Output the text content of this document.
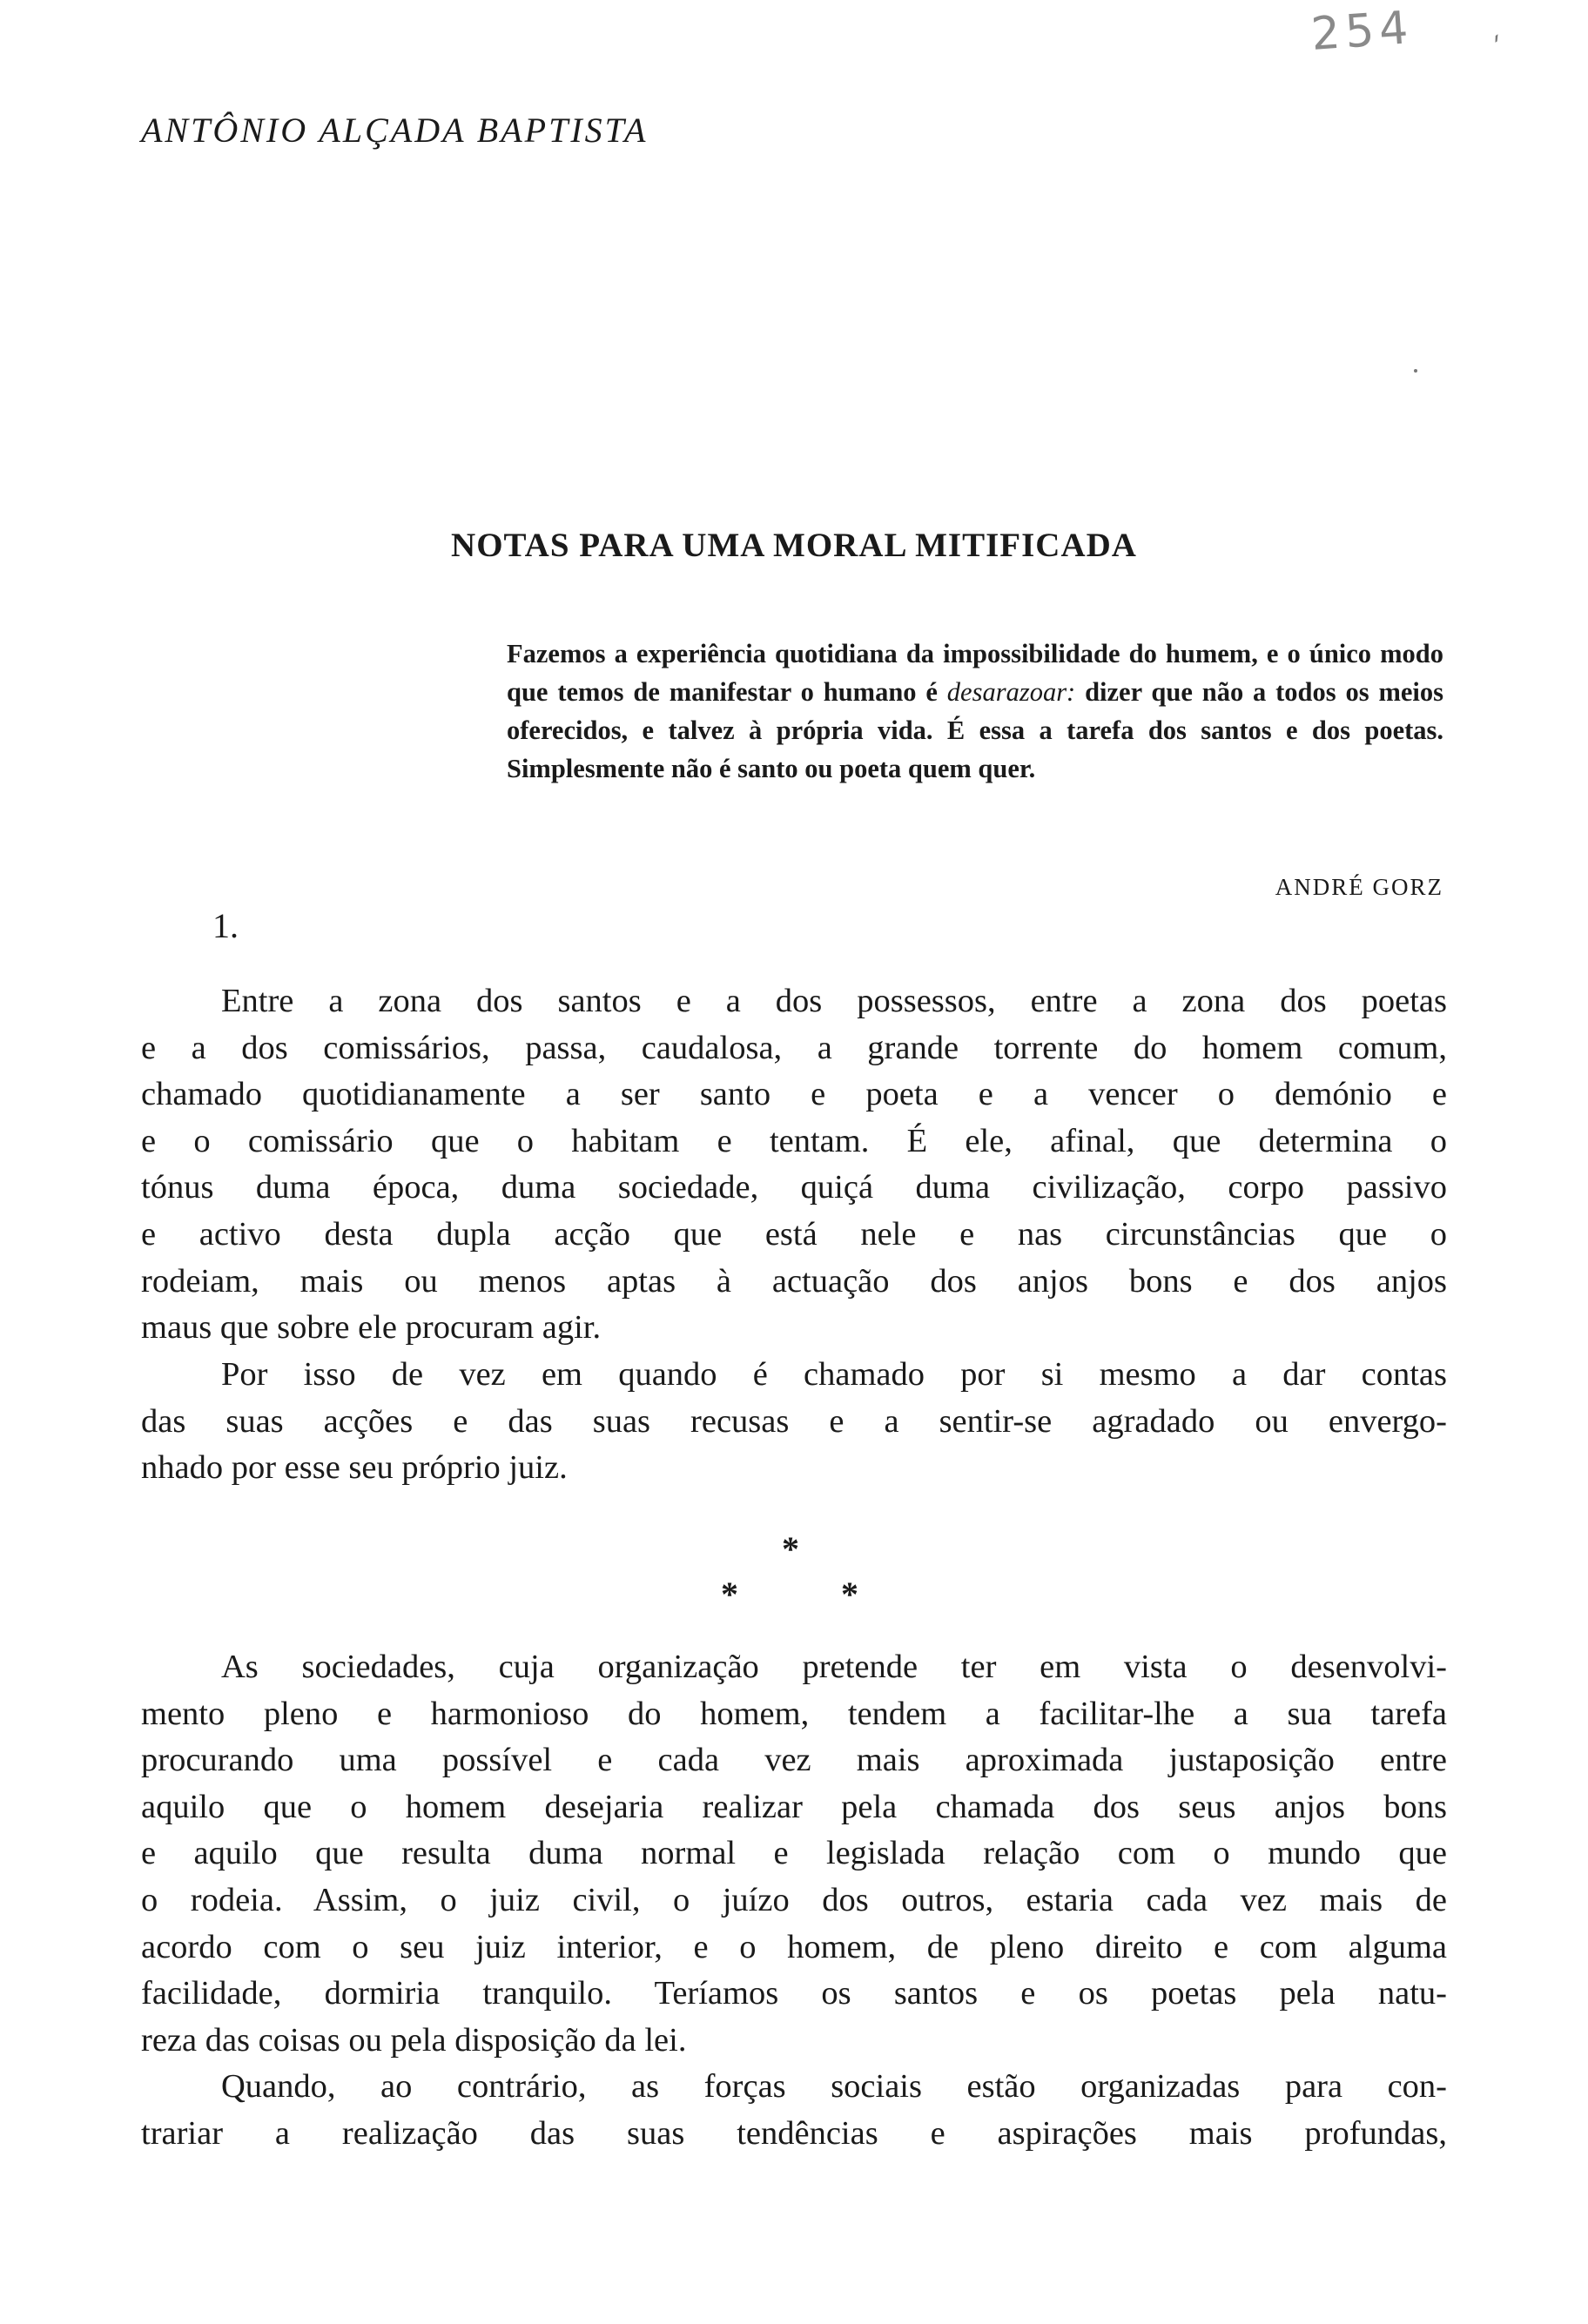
254 ˏ
ANTÔNIO ALÇADA BAPTISTA
NOTAS PARA UMA MORAL MITIFICADA
Fazemos a experiência quotidiana da impossibilidade do humem, e o único modo que temos de manifestar o humano é desarazoar: dizer que não a todos os meios oferecidos, e talvez à própria vida. É essa a tarefa dos santos e dos poetas. Simplesmente não é santo ou poeta quem quer.
ANDRÉ GORZ
1.
Entre a zona dos santos e a dos possessos, entre a zona dos poetas
e a dos comissários, passa, caudalosa, a grande torrente do homem comum,
chamado quotidianamente a ser santo e poeta e a vencer o demónio e
e o comissário que o habitam e tentam. É ele, afinal, que determina o
tónus duma época, duma sociedade, quiçá duma civilização, corpo passivo
e activo desta dupla acção que está nele e nas circunstâncias que o
rodeiam, mais ou menos aptas à actuação dos anjos bons e dos anjos
maus que sobre ele procuram agir.
Por isso de vez em quando é chamado por si mesmo a dar contas
das suas acções e das suas recusas e a sentir-se agradado ou envergo-
nhado por esse seu próprio juiz.
*
*	*
As sociedades, cuja organização pretende ter em vista o desenvolvi-
mento pleno e harmonioso do homem, tendem a facilitar-lhe a sua tarefa
procurando uma possível e cada vez mais aproximada justaposição entre
aquilo que o homem desejaria realizar pela chamada dos seus anjos bons
e aquilo que resulta duma normal e legislada relação com o mundo que
o rodeia. Assim, o juiz civil, o juízo dos outros, estaria cada vez mais de
acordo com o seu juiz interior, e o homem, de pleno direito e com alguma
facilidade, dormiria tranquilo. Teríamos os santos e os poetas pela natu-
reza das coisas ou pela disposição da lei.
Quando, ao contrário, as forças sociais estão organizadas para con-
trariar a realização das suas tendências e aspirações mais profundas,
